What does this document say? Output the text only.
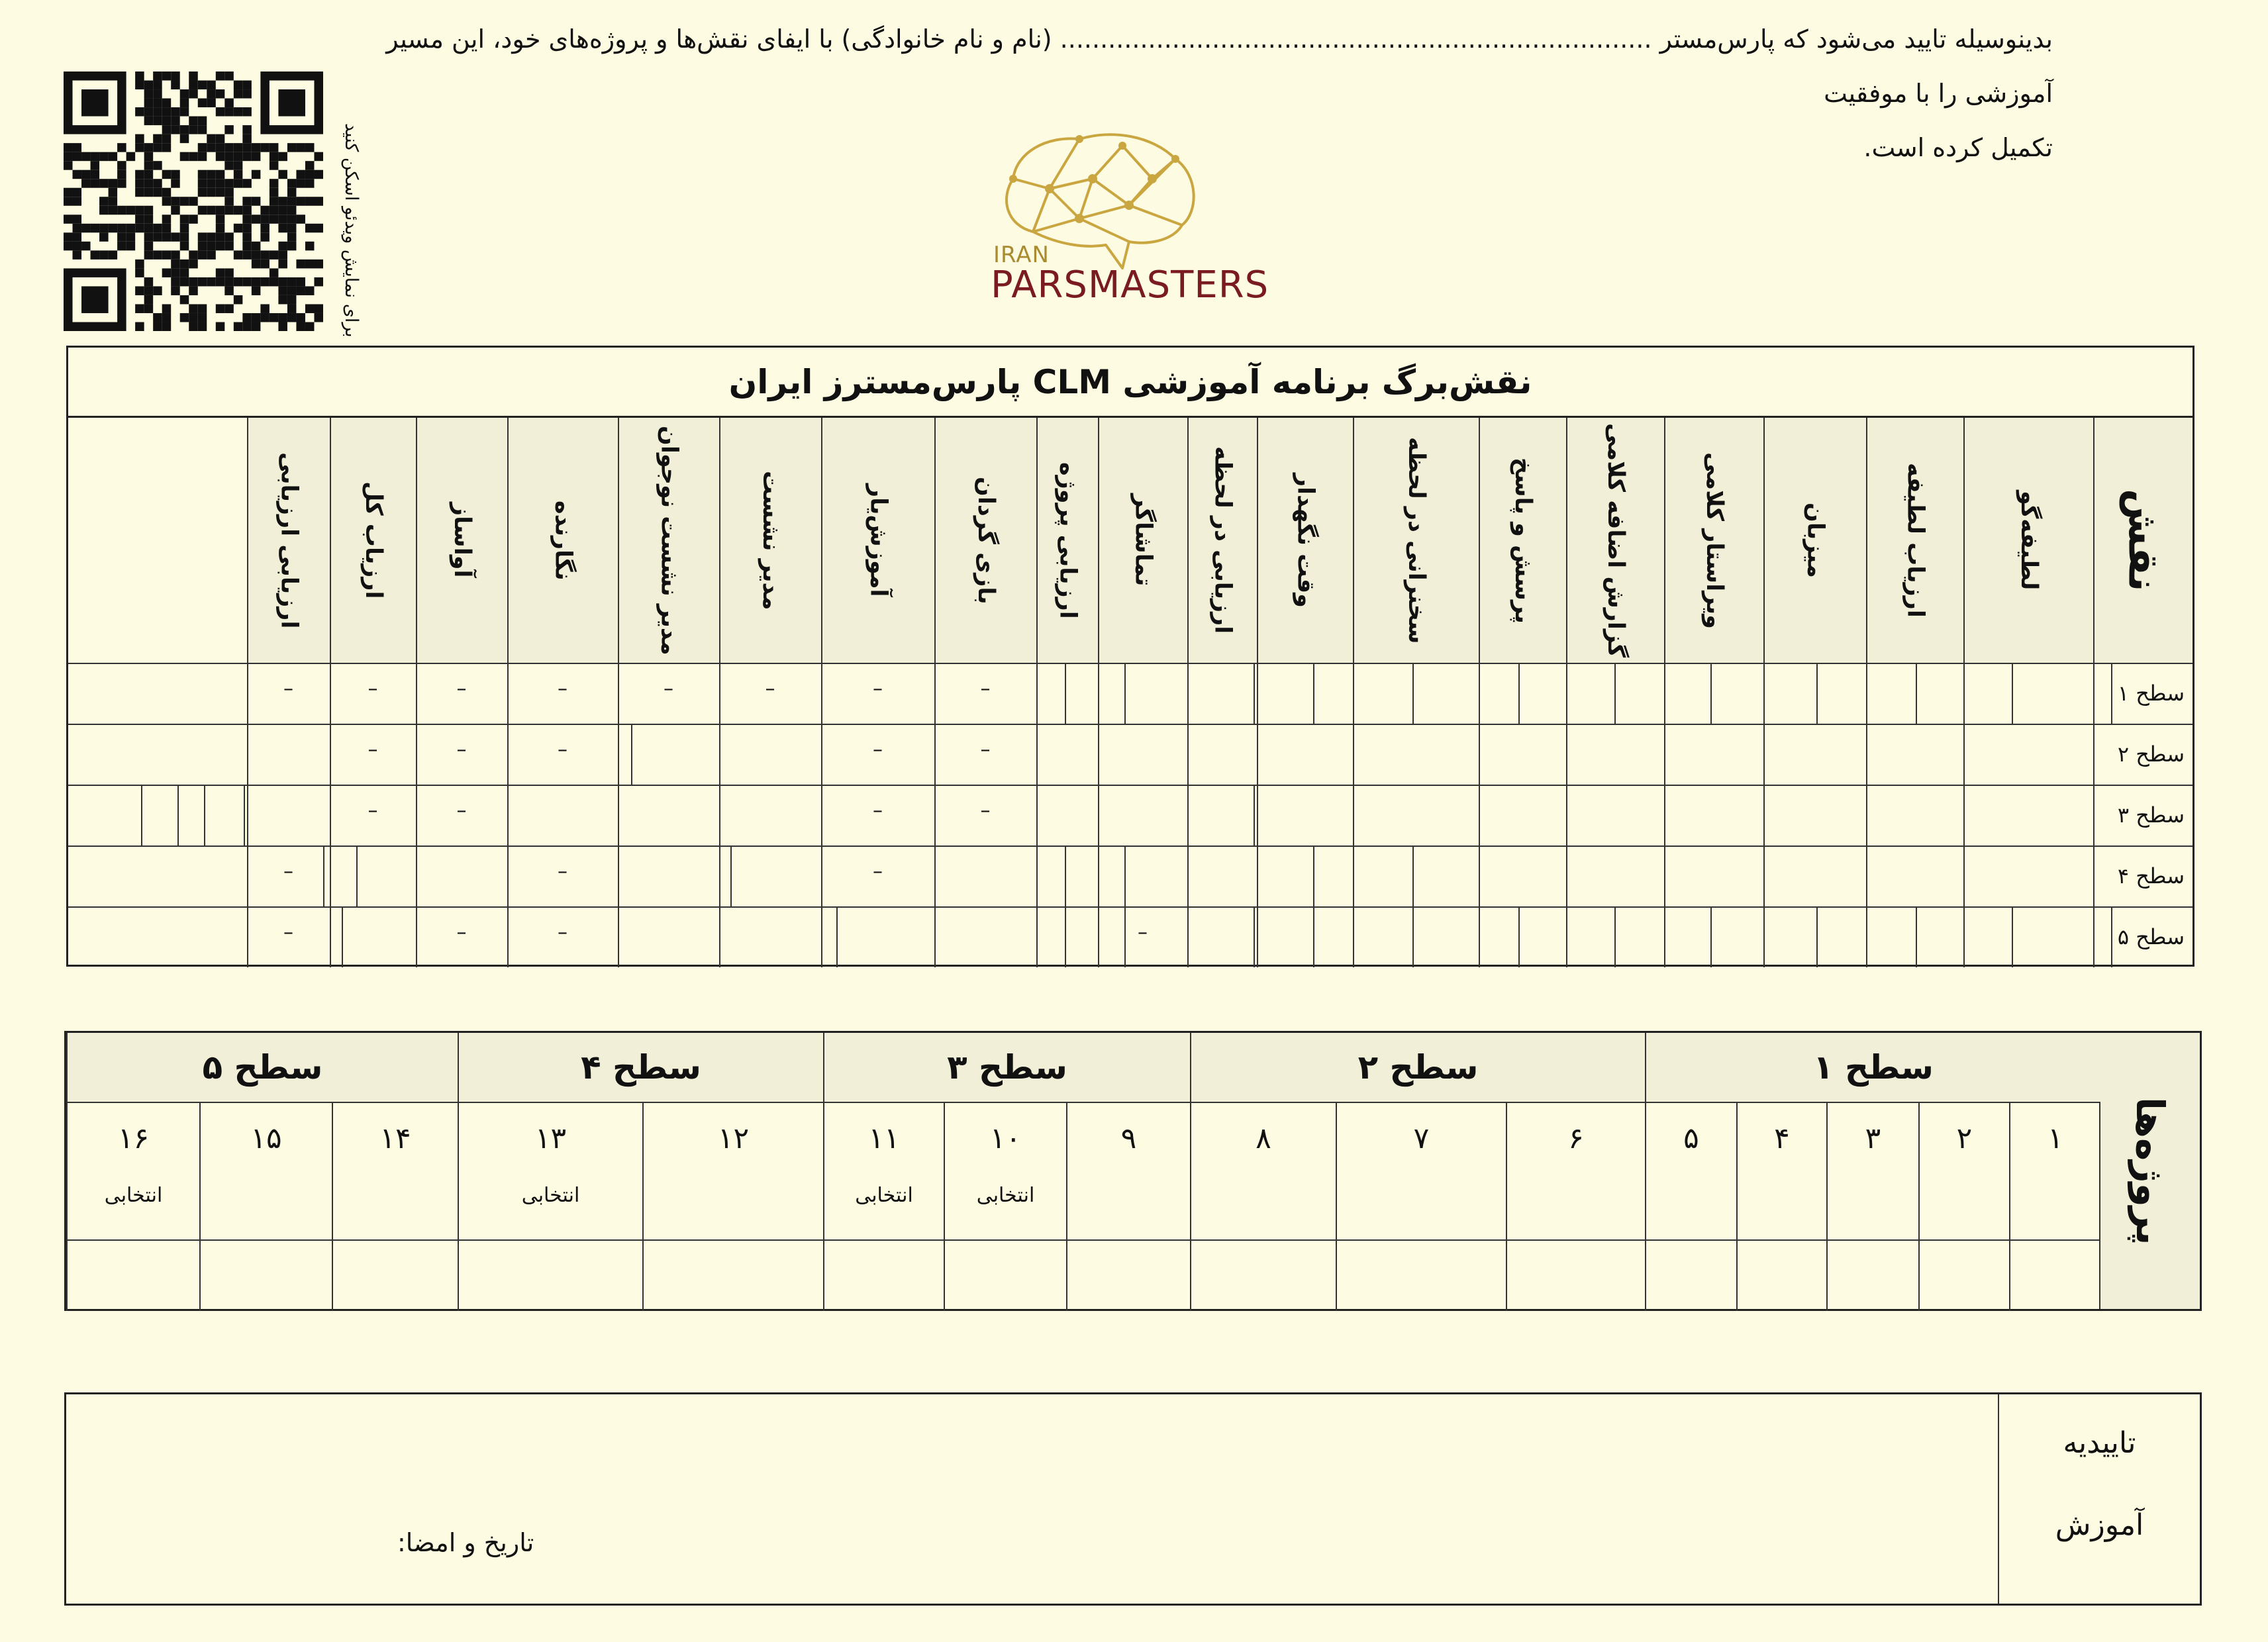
برای نمایش ویدئو اسکن کنید	IRAN
PARSMASTERS
نقش‌برگ برنامه آموزشی CLM پارس‌مسترز ایران
نقش
لطیفه‌گو
ارزیاب لطیفه
میزبان
ویراستار کلامی
گزارش اضافه کلامی
پرسش و پاسخ
سخنرانی در لحظه
وقت نگهدار
ارزیابی در لحظه
تماشاگر
ارزیابی پروژه
بازی گردان
آموزش‌یار
مدیر نشست
مدیر نشست نوجوان
نگارنده
آواساز
ارزیاب کل
ارزیابی ارزیابی
سطح ۱
سطح ۲
سطح ۳
سطح ۴
سطح ۵
–
–
–
–
–
–
–
–
–
–
–
–
–
–
–
–
–
–
–
–
–
–
–
–
پروژه‌ها
سطح ۱
سطح ۲
سطح ۳
سطح ۴
سطح ۵
۱
۲
۳
۴
۵
۶
۷
۸
۹
۱۰
انتخابی
۱۱
انتخابی
۱۲
۱۳
انتخابی
۱۴
۱۵
۱۶
انتخابی
تاییدیه
آموزش
بدینوسیله تایید می‌شود که پارس‌مستر .......................................................................... (نام و نام خانوادگی) با ایفای نقش‌ها و پروژه‌های خود، این مسیر آموزشی را با موفقیت
تکمیل کرده است.
تاریخ و امضا:
